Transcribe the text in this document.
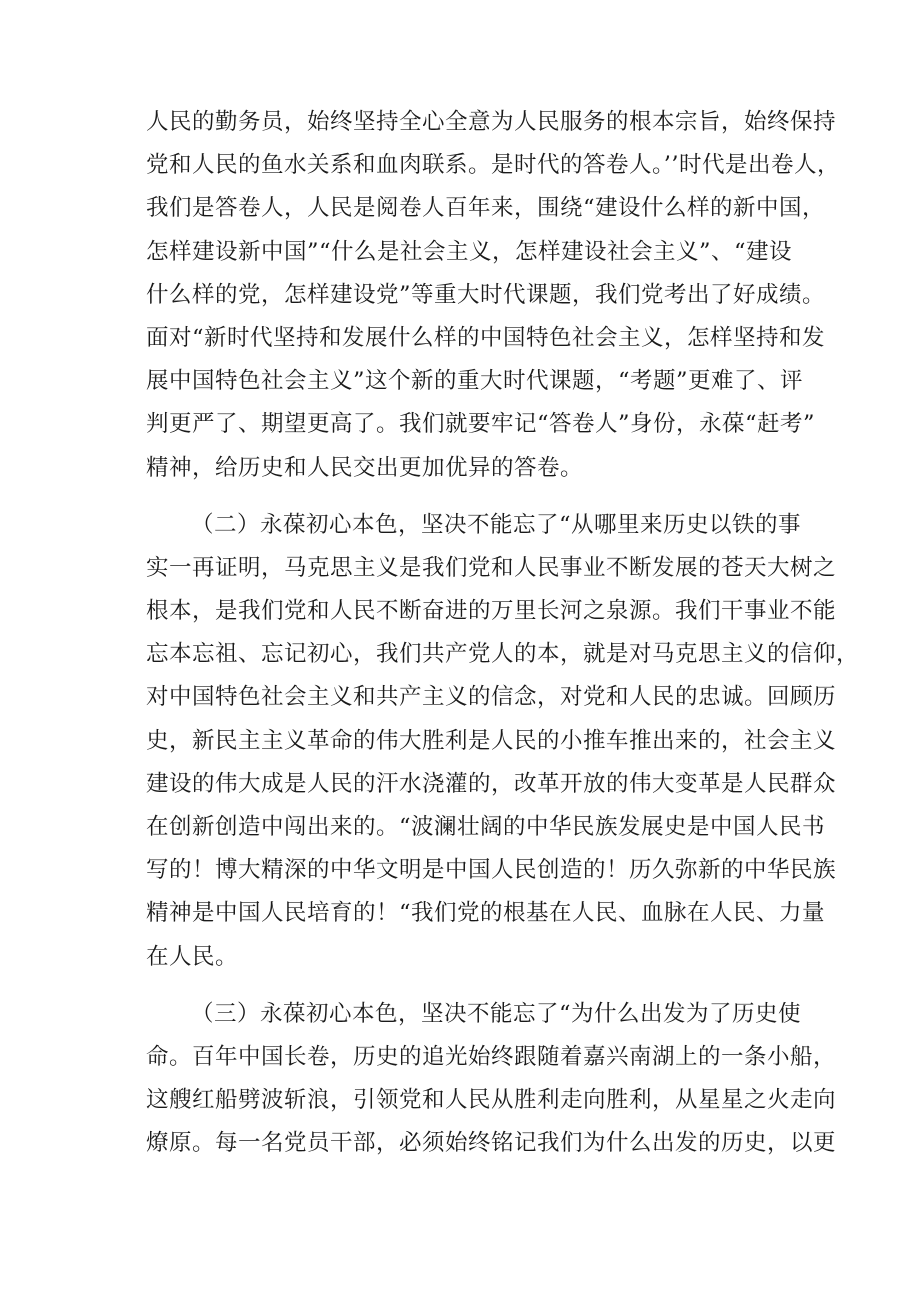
人民的勤务员，始终坚持全心全意为人民服务的根本宗旨，始终保持
党和人民的鱼水关系和血肉联系。是时代的答卷人。’’时代是出卷人，
我们是答卷人，人民是阅卷人百年来，围绕“建设什么样的新中国，
怎样建设新中国”“什么是社会主义，怎样建设社会主义”、“建设
什么样的党，怎样建设党”等重大时代课题，我们党考出了好成绩。
面对“新时代坚持和发展什么样的中国特色社会主义，怎样坚持和发
展中国特色社会主义”这个新的重大时代课题，“考题”更难了、评
判更严了、期望更高了。我们就要牢记“答卷人”身份，永葆“赶考”
精神，给历史和人民交出更加优异的答卷。
（二）永葆初心本色，坚决不能忘了“从哪里来历史以铁的事
实一再证明，马克思主义是我们党和人民事业不断发展的苍天大树之
根本，是我们党和人民不断奋进的万里长河之泉源。我们干事业不能
忘本忘祖、忘记初心，我们共产党人的本，就是对马克思主义的信仰，
对中国特色社会主义和共产主义的信念，对党和人民的忠诚。回顾历
史，新民主主义革命的伟大胜利是人民的小推车推出来的，社会主义
建设的伟大成是人民的汗水浇灌的，改革开放的伟大变革是人民群众
在创新创造中闯出来的。“波澜壮阔的中华民族发展史是中国人民书
写的！博大精深的中华文明是中国人民创造的！历久弥新的中华民族
精神是中国人民培育的！“我们党的根基在人民、血脉在人民、力量
在人民。
（三）永葆初心本色，坚决不能忘了“为什么出发为了历史使
命。百年中国长卷，历史的追光始终跟随着嘉兴南湖上的一条小船，
这艘红船劈波斩浪，引领党和人民从胜利走向胜利，从星星之火走向
燎原。每一名党员干部，必须始终铭记我们为什么出发的历史，以更
